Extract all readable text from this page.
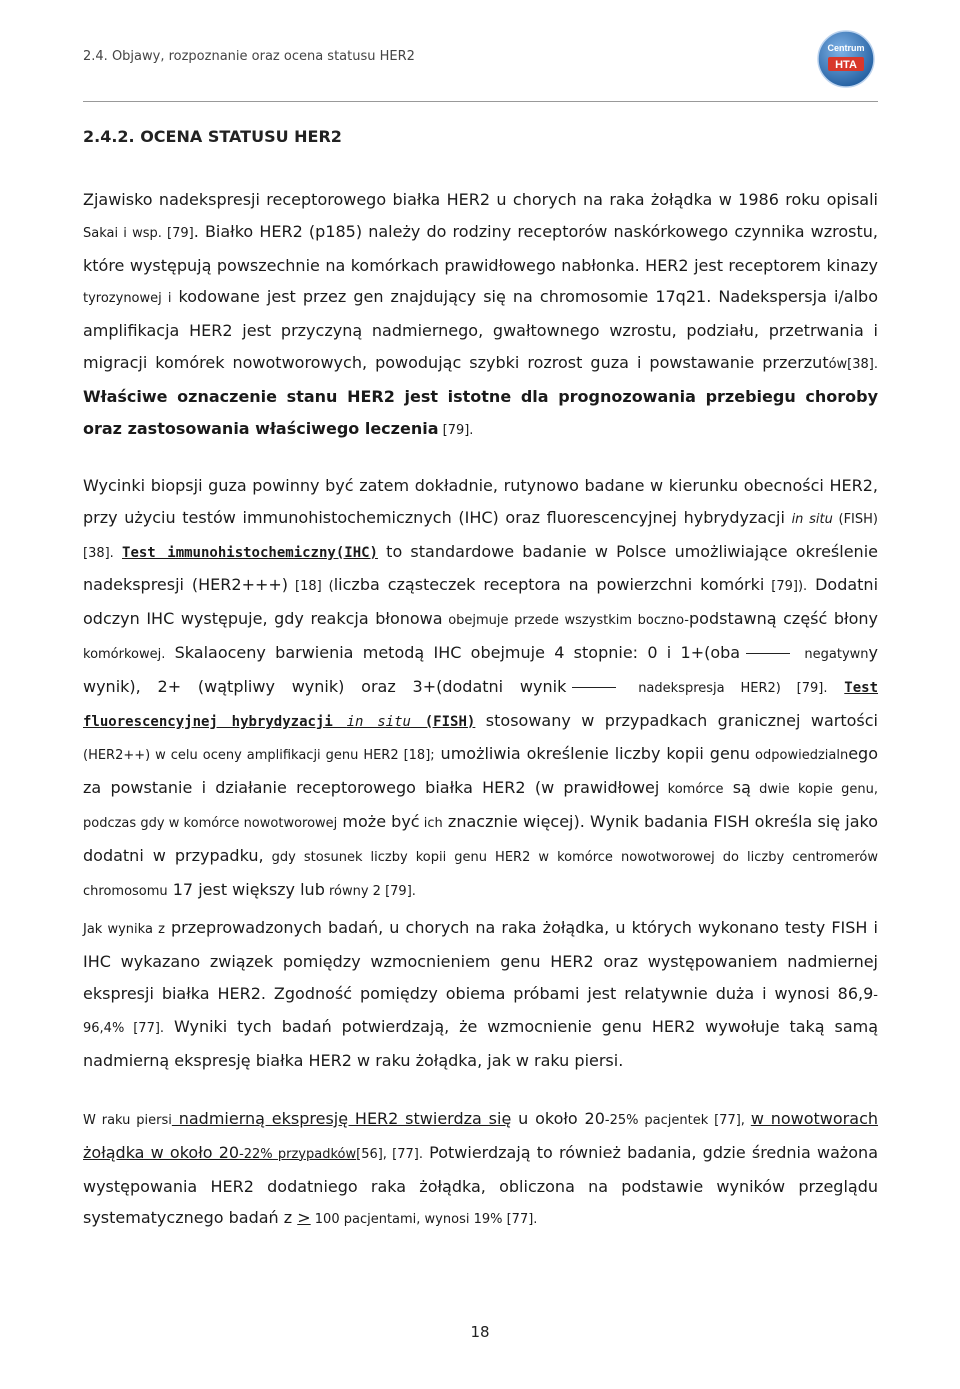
2.4. Objawy, rozpoznanie oraz ocena statusu HER2
Centrum
HTA
2.4.2. OCENA STATUSU HER2

Zjawisko nadekspresji receptorowego białka HER2 u chorych na raka żołądka w 1986 roku opisali Sakai i wsp. [79]. Białko HER2 (p185) należy do rodziny receptorów naskórkowego czynnika wzrostu, które występują powszechnie na komórkach prawidłowego nabłonka. HER2 jest receptorem kinazy tyrozynowej i kodowane jest przez gen znajdujący się na chromosomie 17q21. Nadekspersja i/albo amplifikacja HER2 jest przyczyną nadmiernego, gwałtownego wzrostu, podziału, przetrwania i migracji komórek nowotworowych, powodując szybki rozrost guza i powstawanie przerzutów[38]. Właściwe oznaczenie stanu HER2 jest istotne dla prognozowania przebiegu choroby oraz zastosowania właściwego leczenia [79].

Wycinki biopsji guza powinny być zatem dokładnie, rutynowo badane w kierunku obecności HER2, przy użyciu testów immunohistochemicznych (IHC) oraz fluorescencyjnej hybrydyzacji in situ (FISH) [38]. Test immunohistochemiczny(IHC) to standardowe badanie w Polsce umożliwiające określenie nadekspresji (HER2+++) [18] (liczba cząsteczek receptora na powierzchni komórki [79]). Dodatni odczyn IHC występuje, gdy reakcja błonowa obejmuje przede wszystkim boczno-podstawną część błony komórkowej. Skalaoceny barwienia metodą IHC obejmuje 4 stopnie: 0 i 1+(oba	negatywny wynik), 2+ (wątpliwy wynik) oraz 3+(dodatni wynik	nadekspresja HER2) [79]. Test fluorescencyjnej hybrydyzacji in situ (FISH) stosowany w przypadkach granicznej wartości (HER2++) w celu oceny amplifikacji genu HER2 [18]; umożliwia określenie liczby kopii genu odpowiedzialnego za powstanie i działanie receptorowego białka HER2 (w prawidłowej komórce są dwie kopie genu, podczas gdy w komórce nowotworowej może być ich znacznie więcej). Wynik badania FISH określa się jako dodatni w przypadku, gdy stosunek liczby kopii genu HER2 w komórce nowotworowej do liczby centromerów chromosomu 17 jest większy lub równy 2 [79].

Jak wynika z przeprowadzonych badań, u chorych na raka żołądka, u których wykonano testy FISH i IHC wykazano związek pomiędzy wzmocnieniem genu HER2 oraz występowaniem nadmiernej ekspresji białka HER2. Zgodność pomiędzy obiema próbami jest relatywnie duża i wynosi 86,9-96,4% [77]. Wyniki tych badań potwierdzają, że wzmocnienie genu HER2 wywołuje taką samą nadmierną ekspresję białka HER2 w raku żołądka, jak w raku piersi.

W raku piersi nadmierną ekspresję HER2 stwierdza się u około 20-25% pacjentek [77], w nowotworach żołądka w około 20-22% przypadków[56], [77]. Potwierdzają to również badania, gdzie średnia ważona występowania HER2 dodatniego raka żołądka, obliczona na podstawie wyników przeglądu systematycznego badań z > 100 pacjentami, wynosi 19% [77].

18
